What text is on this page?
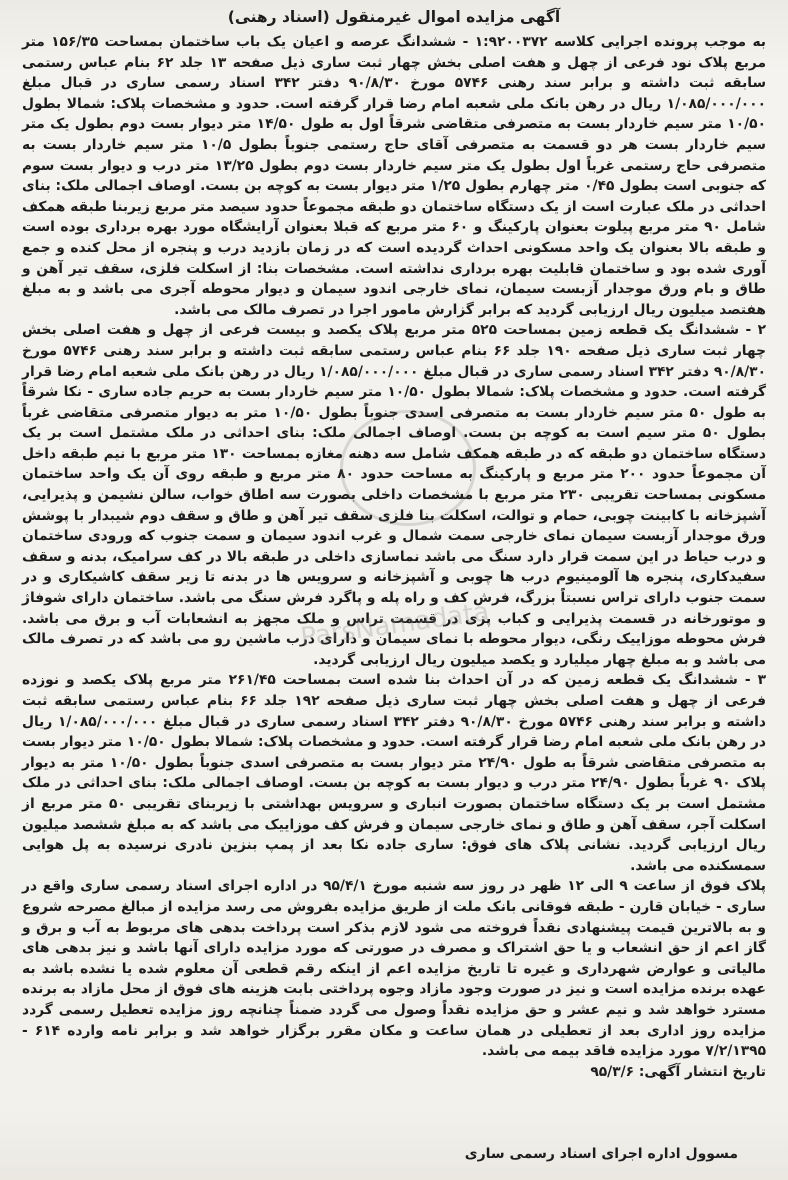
ParsNamadata
آگهی مزایده اموال غیرمنقول (اسناد رهنی)

به موجب پرونده اجرایی کلاسه ۱:۹۲۰۰۳۷۲ - ششدانگ عرصه و اعیان یک باب ساختمان بمساحت ۱۵۶/۳۵ متر مربع پلاک نود فرعی از چهل و هفت اصلی بخش چهار ثبت ساری ذیل صفحه ۱۳ جلد ۶۲ بنام عباس رستمی سابقه ثبت داشته و برابر سند رهنی ۵۷۴۶ مورخ ۹۰/۸/۳۰ دفتر ۳۴۲ اسناد رسمی ساری در قبال مبلغ ۱/۰۸۵/۰۰۰/۰۰۰ ریال در رهن بانک ملی شعبه امام رضا قرار گرفته است. حدود و مشخصات پلاک: شمالا بطول ۱۰/۵۰ متر سیم خاردار بست به متصرفی متقاضی شرقاً اول به طول ۱۴/۵۰ متر دیوار بست دوم بطول یک متر سیم خاردار بست هر دو قسمت به متصرفی آقای حاج رستمی جنوباً بطول ۱۰/۵ متر سیم خاردار بست به متصرفی حاج رستمی غرباً اول بطول یک متر سیم خاردار بست دوم بطول ۱۳/۲۵ متر درب و دیوار بست سوم که جنوبی است بطول ۰/۴۵ متر چهارم بطول ۱/۲۵ متر دیوار بست به کوچه بن بست. اوصاف اجمالی ملک: بنای احداثی در ملک عبارت است از یک دستگاه ساختمان دو طبقه مجموعاً حدود سیصد متر مربع زیربنا طبقه همکف شامل ۹۰ متر مربع پیلوت بعنوان پارکینگ و ۶۰ متر مربع که قبلا بعنوان آرایشگاه مورد بهره برداری بوده است و طبقه بالا بعنوان یک واحد مسکونی احداث گردیده است که در زمان بازدید درب و پنجره از محل کنده و جمع آوری شده بود و ساختمان قابلیت بهره برداری نداشته است. مشخصات بنا: از اسکلت فلزی، سقف تیر آهن و طاق و بام ورق موجدار آزبست سیمان، نمای خارجی اندود سیمان و دیوار محوطه آجری می باشد و به مبلغ هفتصد میلیون ریال ارزیابی گردید که برابر گزارش مامور اجرا در تصرف مالک می باشد.

۲ - ششدانگ یک قطعه زمین بمساحت ۵۲۵ متر مربع پلاک یکصد و بیست فرعی از چهل و هفت اصلی بخش چهار ثبت ساری ذیل صفحه ۱۹۰ جلد ۶۶ بنام عباس رستمی سابقه ثبت داشته و برابر سند رهنی ۵۷۴۶ مورخ ۹۰/۸/۳۰ دفتر ۳۴۲ اسناد رسمی ساری در قبال مبلغ ۱/۰۸۵/۰۰۰/۰۰۰ ریال در رهن بانک ملی شعبه امام رضا قرار گرفته است. حدود و مشخصات پلاک: شمالا بطول ۱۰/۵۰ متر سیم خاردار بست به حریم جاده ساری - نکا شرقاً به طول ۵۰ متر سیم خاردار بست به متصرفی اسدی جنوباً بطول ۱۰/۵۰ متر به دیوار متصرفی متقاضی غرباً بطول ۵۰ متر سیم است به کوچه بن بست. اوصاف اجمالی ملک: بنای احداثی در ملک مشتمل است بر یک دستگاه ساختمان دو طبقه که در طبقه همکف شامل سه دهنه مغازه بمساحت ۱۳۰ متر مربع با نیم طبقه داخل آن مجموعاً حدود ۲۰۰ متر مربع و پارکینگ به مساحت حدود ۸۰ متر مربع و طبقه روی آن یک واحد ساختمان مسکونی بمساحت تقریبی ۲۳۰ متر مربع با مشخصات داخلی بصورت سه اطاق خواب، سالن نشیمن و پذیرایی، آشپزخانه با کابینت چوبی، حمام و توالت، اسکلت بنا فلزی سقف تیر آهن و طاق و سقف دوم شیبدار با پوشش ورق موجدار آزبست سیمان نمای خارجی سمت شمال و غرب اندود سیمان و سمت جنوب که ورودی ساختمان و درب حیاط در این سمت قرار دارد سنگ می باشد نماسازی داخلی در طبقه بالا در کف سرامیک، بدنه و سقف سفیدکاری، پنجره ها آلومینیوم درب ها چوبی و آشپزخانه و سرویس ها در بدنه تا زیر سقف کاشیکاری و در سمت جنوب دارای تراس نسبتاً بزرگ، فرش کف و راه پله و پاگرد فرش سنگ می باشد. ساختمان دارای شوفاژ و موتورخانه در قسمت پذیرایی و کباب پزی در قسمت تراس و ملک مجهز به انشعابات آب و برق می باشد. فرش محوطه موزاییک رنگی، دیوار محوطه با نمای سیمان و دارای درب ماشین رو می باشد که در تصرف مالک می باشد و به مبلغ چهار میلیارد و یکصد میلیون ریال ارزیابی گردید.

۳ - ششدانگ یک قطعه زمین که در آن احداث بنا شده است بمساحت ۲۶۱/۴۵ متر مربع پلاک یکصد و نوزده فرعی از چهل و هفت اصلی بخش چهار ثبت ساری ذیل صفحه ۱۹۲ جلد ۶۶ بنام عباس رستمی سابقه ثبت داشته و برابر سند رهنی ۵۷۴۶ مورخ ۹۰/۸/۳۰ دفتر ۳۴۲ اسناد رسمی ساری در قبال مبلغ ۱/۰۸۵/۰۰۰/۰۰۰ ریال در رهن بانک ملی شعبه امام رضا قرار گرفته است. حدود و مشخصات پلاک: شمالا بطول ۱۰/۵۰ متر دیوار بست به متصرفی متقاضی شرقاً به طول ۲۴/۹۰ متر دیوار بست به متصرفی اسدی جنوباً بطول ۱۰/۵۰ متر به دیوار پلاک ۹۰ غرباً بطول ۲۴/۹۰ متر درب و دیوار بست به کوچه بن بست. اوصاف اجمالی ملک: بنای احداثی در ملک مشتمل است بر یک دستگاه ساختمان بصورت انباری و سرویس بهداشتی با زیربنای تقریبی ۵۰ متر مربع از اسکلت آجر، سقف آهن و طاق و نمای خارجی سیمان و فرش کف موزاییک می باشد که به مبلغ ششصد میلیون ریال ارزیابی گردید. نشانی پلاک های فوق: ساری جاده نکا بعد از پمپ بنزین نادری نرسیده به پل هوایی سمسکنده می باشد.

پلاک فوق از ساعت ۹ الی ۱۲ ظهر در روز سه شنبه مورخ ۹۵/۴/۱ در اداره اجرای اسناد رسمی ساری واقع در ساری - خیابان قارن - طبقه فوقانی بانک ملت از طریق مزایده بفروش می رسد مزایده از مبالغ مصرحه شروع و به بالاترین قیمت پیشنهادی نقداً فروخته می شود لازم بذکر است پرداخت بدهی های مربوط به آب و برق و گاز اعم از حق انشعاب و یا حق اشتراک و مصرف در صورتی که مورد مزایده دارای آنها باشد و نیز بدهی های مالیاتی و عوارض شهرداری و غیره تا تاریخ مزایده اعم از اینکه رقم قطعی آن معلوم شده یا نشده باشد به عهده برنده مزایده است و نیز در صورت وجود مازاد وجوه پرداختی بابت هزینه های فوق از محل مازاد به برنده مسترد خواهد شد و نیم عشر و حق مزایده نقداً وصول می گردد ضمناً چنانچه روز مزایده تعطیل رسمی گردد مزایده روز اداری بعد از تعطیلی در همان ساعت و مکان مقرر برگزار خواهد شد و برابر نامه وارده ۶۱۴ - ۷/۲/۱۳۹۵ مورد مزایده فاقد بیمه می باشد.

تاریخ انتشار آگهی: ۹۵/۳/۶

مسوول اداره اجرای اسناد رسمی ساری
